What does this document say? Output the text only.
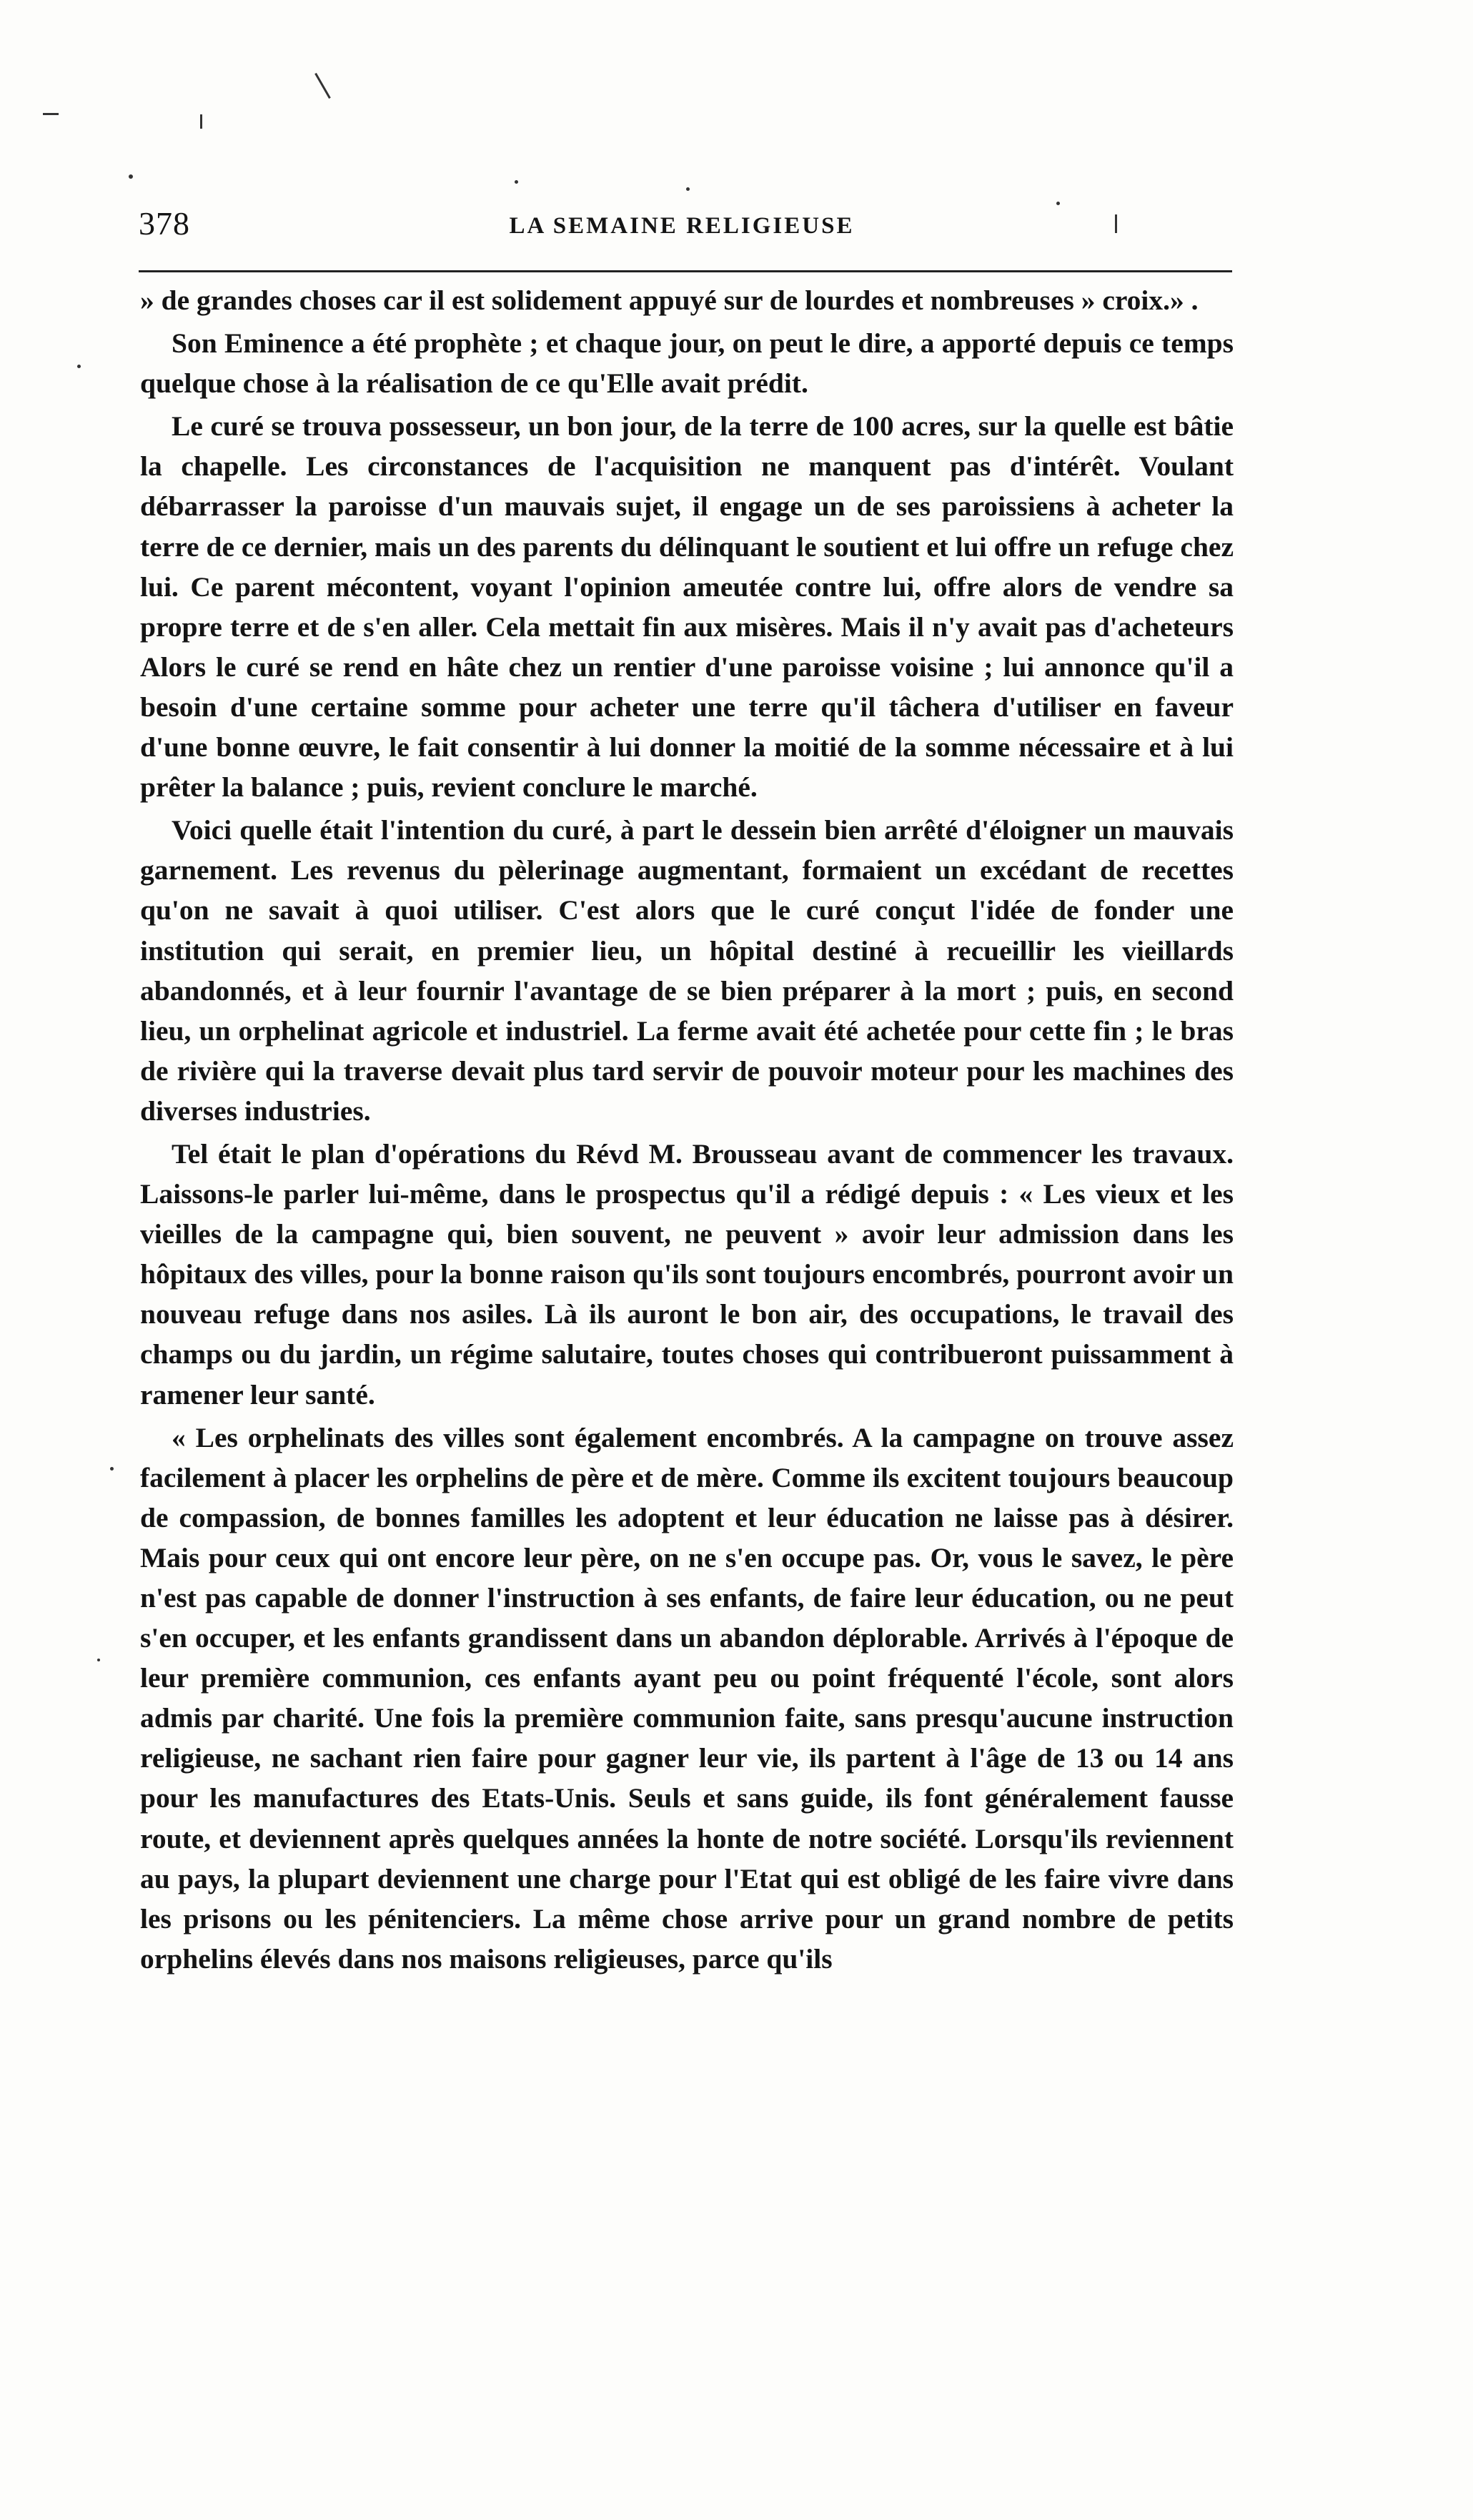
378	LA SEMAINE RELIGIEUSE

» de grandes choses car il est solidement appuyé sur de lourdes et nombreuses » croix.» .

Son Eminence a été prophète ; et chaque jour, on peut le dire, a apporté depuis ce temps quelque chose à la réalisation de ce qu'Elle avait prédit.

Le curé se trouva possesseur, un bon jour, de la terre de 100 acres, sur la quelle est bâtie la chapelle. Les circonstances de l'acquisition ne manquent pas d'intérêt. Voulant débarrasser la paroisse d'un mauvais sujet, il engage un de ses paroissiens à acheter la terre de ce dernier, mais un des parents du délinquant le soutient et lui offre un refuge chez lui. Ce parent mécontent, voyant l'opinion ameutée contre lui, offre alors de vendre sa propre terre et de s'en aller. Cela mettait fin aux misères. Mais il n'y avait pas d'acheteurs Alors le curé se rend en hâte chez un rentier d'une paroisse voisine ; lui annonce qu'il a besoin d'une certaine somme pour acheter une terre qu'il tâchera d'utiliser en faveur d'une bonne œuvre, le fait consentir à lui donner la moitié de la somme nécessaire et à lui prêter la balance ; puis, revient conclure le marché.

Voici quelle était l'intention du curé, à part le dessein bien arrêté d'éloigner un mauvais garnement. Les revenus du pèlerinage augmentant, formaient un excédant de recettes qu'on ne savait à quoi utiliser. C'est alors que le curé conçut l'idée de fonder une institution qui serait, en premier lieu, un hôpital destiné à recueillir les vieillards abandonnés, et à leur fournir l'avantage de se bien préparer à la mort ; puis, en second lieu, un orphelinat agricole et industriel. La ferme avait été achetée pour cette fin ; le bras de rivière qui la traverse devait plus tard servir de pouvoir moteur pour les machines des diverses industries.

Tel était le plan d'opérations du Révd M. Brousseau avant de commencer les travaux. Laissons-le parler lui-même, dans le prospectus qu'il a rédigé depuis : « Les vieux et les vieilles de la campagne qui, bien souvent, ne peuvent » avoir leur admission dans les hôpitaux des villes, pour la bonne raison qu'ils sont toujours encombrés, pourront avoir un nouveau refuge dans nos asiles. Là ils auront le bon air, des occupations, le travail des champs ou du jardin, un régime salutaire, toutes choses qui contribueront puissamment à ramener leur santé.

« Les orphelinats des villes sont également encombrés. A la campagne on trouve assez facilement à placer les orphelins de père et de mère. Comme ils excitent toujours beaucoup de compassion, de bonnes familles les adoptent et leur éducation ne laisse pas à désirer. Mais pour ceux qui ont encore leur père, on ne s'en occupe pas. Or, vous le savez, le père n'est pas capable de donner l'instruction à ses enfants, de faire leur éducation, ou ne peut s'en occuper, et les enfants grandissent dans un abandon déplorable. Arrivés à l'époque de leur première communion, ces enfants ayant peu ou point fréquenté l'école, sont alors admis par charité. Une fois la première communion faite, sans presqu'aucune instruction religieuse, ne sachant rien faire pour gagner leur vie, ils partent à l'âge de 13 ou 14 ans pour les manufactures des Etats-Unis. Seuls et sans guide, ils font généralement fausse route, et deviennent après quelques années la honte de notre société. Lorsqu'ils reviennent au pays, la plupart deviennent une charge pour l'Etat qui est obligé de les faire vivre dans les prisons ou les pénitenciers. La même chose arrive pour un grand nombre de petits orphelins élevés dans nos maisons religieuses, parce qu'ils
